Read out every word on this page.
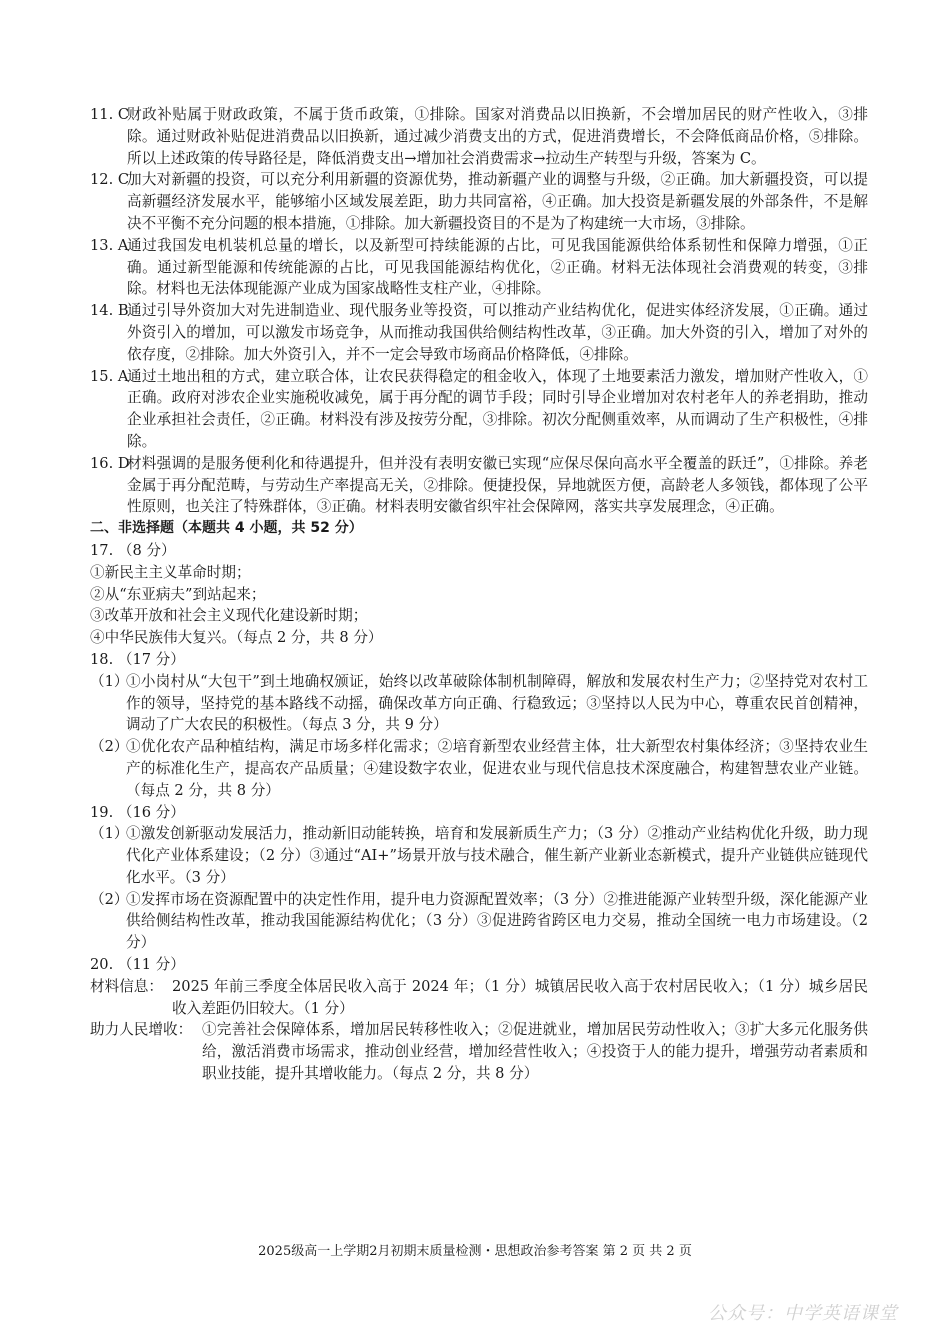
11. C
财政补贴属于财政政策，不属于货币政策，①排除。国家对消费品以旧换新，不会增加居民的财产性收入，③排除。通过财政补贴促进消费品以旧换新，通过减少消费支出的方式，促进消费增长，不会降低商品价格，⑤排除。所以上述政策的传导路径是，降低消费支出→增加社会消费需求→拉动生产转型与升级，答案为 C。
12. C
加大对新疆的投资，可以充分利用新疆的资源优势，推动新疆产业的调整与升级，②正确。加大新疆投资，可以提高新疆经济发展水平，能够缩小区域发展差距，助力共同富裕，④正确。加大投资是新疆发展的外部条件，不是解决不平衡不充分问题的根本措施，①排除。加大新疆投资目的不是为了构建统一大市场，③排除。
13. A
通过我国发电机装机总量的增长，以及新型可持续能源的占比，可见我国能源供给体系韧性和保障力增强，①正确。通过新型能源和传统能源的占比，可见我国能源结构优化，②正确。材料无法体现社会消费观的转变，③排除。材料也无法体现能源产业成为国家战略性支柱产业，④排除。
14. B
通过引导外资加大对先进制造业、现代服务业等投资，可以推动产业结构优化，促进实体经济发展，①正确。通过外资引入的增加，可以激发市场竞争，从而推动我国供给侧结构性改革，③正确。加大外资的引入，增加了对外的依存度，②排除。加大外资引入，并不一定会导致市场商品价格降低，④排除。
15. A
通过土地出租的方式，建立联合体，让农民获得稳定的租金收入，体现了土地要素活力激发，增加财产性收入，①正确。政府对涉农企业实施税收减免，属于再分配的调节手段；同时引导企业增加对农村老年人的养老捐助，推动企业承担社会责任，②正确。材料没有涉及按劳分配，③排除。初次分配侧重效率，从而调动了生产积极性，④排除。
16. D
材料强调的是服务便利化和待遇提升，但并没有表明安徽已实现“应保尽保向高水平全覆盖的跃迁”，①排除。养老金属于再分配范畴，与劳动生产率提高无关，②排除。便捷投保，异地就医方便，高龄老人多领钱，都体现了公平性原则，也关注了特殊群体，③正确。材料表明安徽省织牢社会保障网，落实共享发展理念，④正确。
二、非选择题（本题共 4 小题，共 52 分）
17. （8 分）
①新民主主义革命时期；
②从“东亚病夫”到站起来；
③改革开放和社会主义现代化建设新时期；
④中华民族伟大复兴。（每点 2 分，共 8 分）
18. （17 分）
（1）
①小岗村从“大包干”到土地确权颁证，始终以改革破除体制机制障碍，解放和发展农村生产力；②坚持党对农村工作的领导，坚持党的基本路线不动摇，确保改革方向正确、行稳致远；③坚持以人民为中心，尊重农民首创精神，调动了广大农民的积极性。（每点 3 分，共 9 分）
（2）
①优化农产品种植结构，满足市场多样化需求；②培育新型农业经营主体，壮大新型农村集体经济；③坚持农业生产的标准化生产，提高农产品质量；④建设数字农业，促进农业与现代信息技术深度融合，构建智慧农业产业链。（每点 2 分，共 8 分）
19. （16 分）
（1）
①激发创新驱动发展活力，推动新旧动能转换，培育和发展新质生产力；（3 分）②推动产业结构优化升级，助力现代化产业体系建设；（2 分）③通过“AI+”场景开放与技术融合，催生新产业新业态新模式，提升产业链供应链现代化水平。（3 分）
（2）
①发挥市场在资源配置中的决定性作用，提升电力资源配置效率；（3 分）②推进能源产业转型升级，深化能源产业供给侧结构性改革，推动我国能源结构优化；（3 分）③促进跨省跨区电力交易，推动全国统一电力市场建设。（2 分）
20. （11 分）
材料信息： 2025 年前三季度全体居民收入高于 2024 年；（1 分）城镇居民收入高于农村居民收入；（1 分）城乡居民收入差距仍旧较大。（1 分）
助力人民增收： ①完善社会保障体系，增加居民转移性收入；②促进就业，增加居民劳动性收入；③扩大多元化服务供给，激活消费市场需求，推动创业经营，增加经营性收入；④投资于人的能力提升，增强劳动者素质和职业技能，提升其增收能力。（每点 2 分，共 8 分）
2025级高一上学期2月初期末质量检测・思想政治参考答案 第 2 页 共 2 页
公众号：中学英语课堂
